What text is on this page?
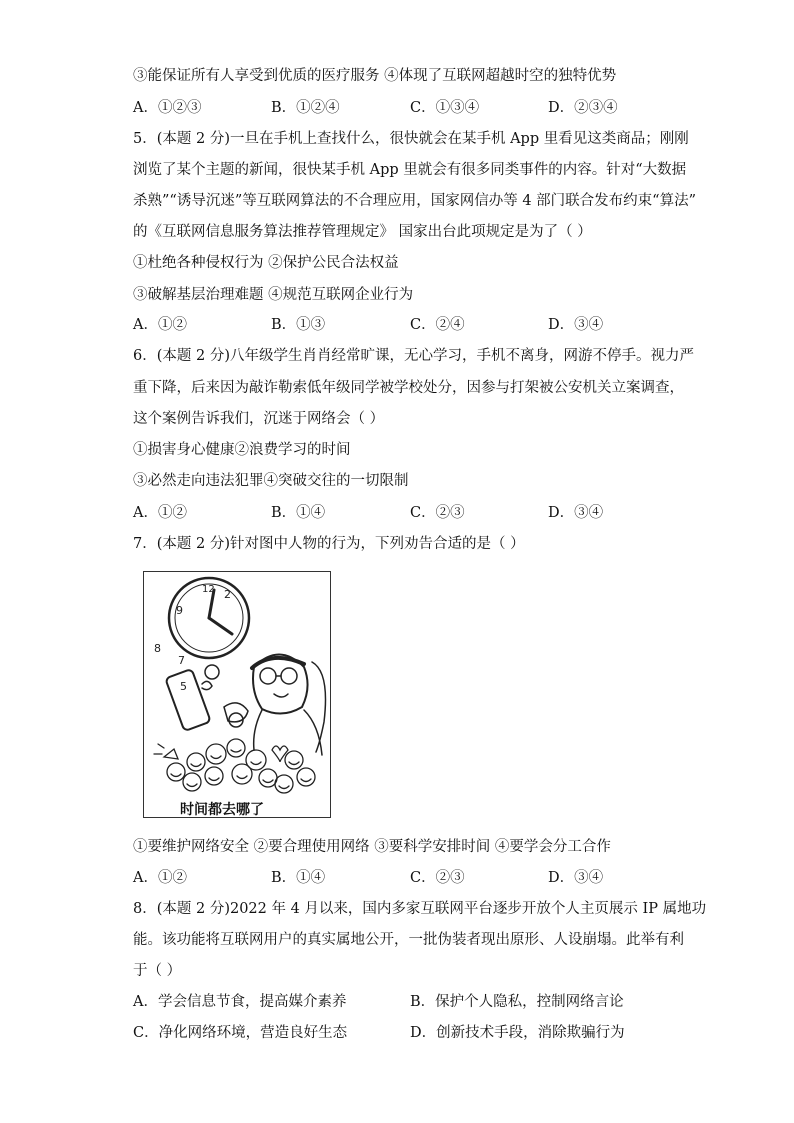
③能保证所有人享受到优质的医疗服务 ④体现了互联网超越时空的独特优势
A．①②③	B．①②④	C．①③④	D．②③④
5．(本题 2 分)一旦在手机上查找什么，很快就会在某手机 App 里看见这类商品；刚刚
浏览了某个主题的新闻，很快某手机 App 里就会有很多同类事件的内容。针对“大数据
杀熟”“诱导沉迷”等互联网算法的不合理应用，国家网信办等 4 部门联合发布约束“算法”
的《互联网信息服务算法推荐管理规定》 国家出台此项规定是为了（ ）
①杜绝各种侵权行为 ②保护公民合法权益
③破解基层治理难题 ④规范互联网企业行为
A．①②	B．①③	C．②④	D．③④
6．(本题 2 分)八年级学生肖肖经常旷课，无心学习，手机不离身，网游不停手。视力严
重下降，后来因为敲诈勒索低年级同学被学校处分，因参与打架被公安机关立案调查，
这个案例告诉我们，沉迷于网络会（ ）
①损害身心健康②浪费学习的时间
③必然走向违法犯罪④突破交往的一切限制
A．①②	B．①④	C．②③	D．③④
7．(本题 2 分)针对图中人物的行为，下列劝告合适的是（ ）
12 2
9
8
7
5
时间都去哪了
①要维护网络安全 ②要合理使用网络 ③要科学安排时间 ④要学会分工合作
A．①②	B．①④	C．②③	D．③④
8．(本题 2 分)2022 年 4 月以来，国内多家互联网平台逐步开放个人主页展示 IP 属地功
能。该功能将互联网用户的真实属地公开，一批伪装者现出原形、人设崩塌。此举有利
于（ ）
A．学会信息节食，提高媒介素养	B．保护个人隐私，控制网络言论
C．净化网络环境，营造良好生态	D．创新技术手段，消除欺骗行为
